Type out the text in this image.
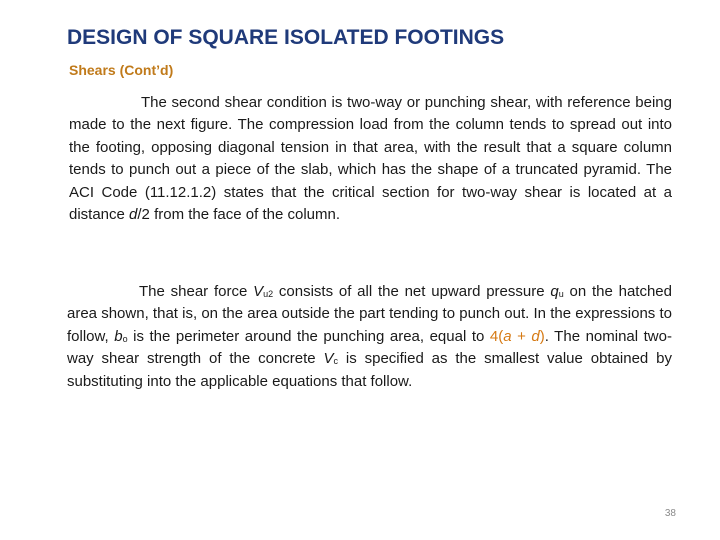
DESIGN OF SQUARE ISOLATED FOOTINGS
Shears (Cont’d)

The second shear condition is two-way or punching shear, with reference being made to the next figure. The compression load from the column tends to spread out into the footing, opposing diagonal tension in that area, with the result that a square column tends to punch out a piece of the slab, which has the shape of a truncated pyramid. The ACI Code (11.12.1.2) states that the critical section for two-way shear is located at a distance d/2 from the face of the column.

The shear force $V_{u2}$ consists of all the net upward pressure $q_u$ on the hatched area shown, that is, on the area outside the part tending to punch out. In the expressions to follow, $b_o$ is the perimeter around the punching area, equal to 4(a + d). The nominal two-way shear strength of the concrete $V_c$ is specified as the smallest value obtained by substituting into the applicable equations that follow.

38
